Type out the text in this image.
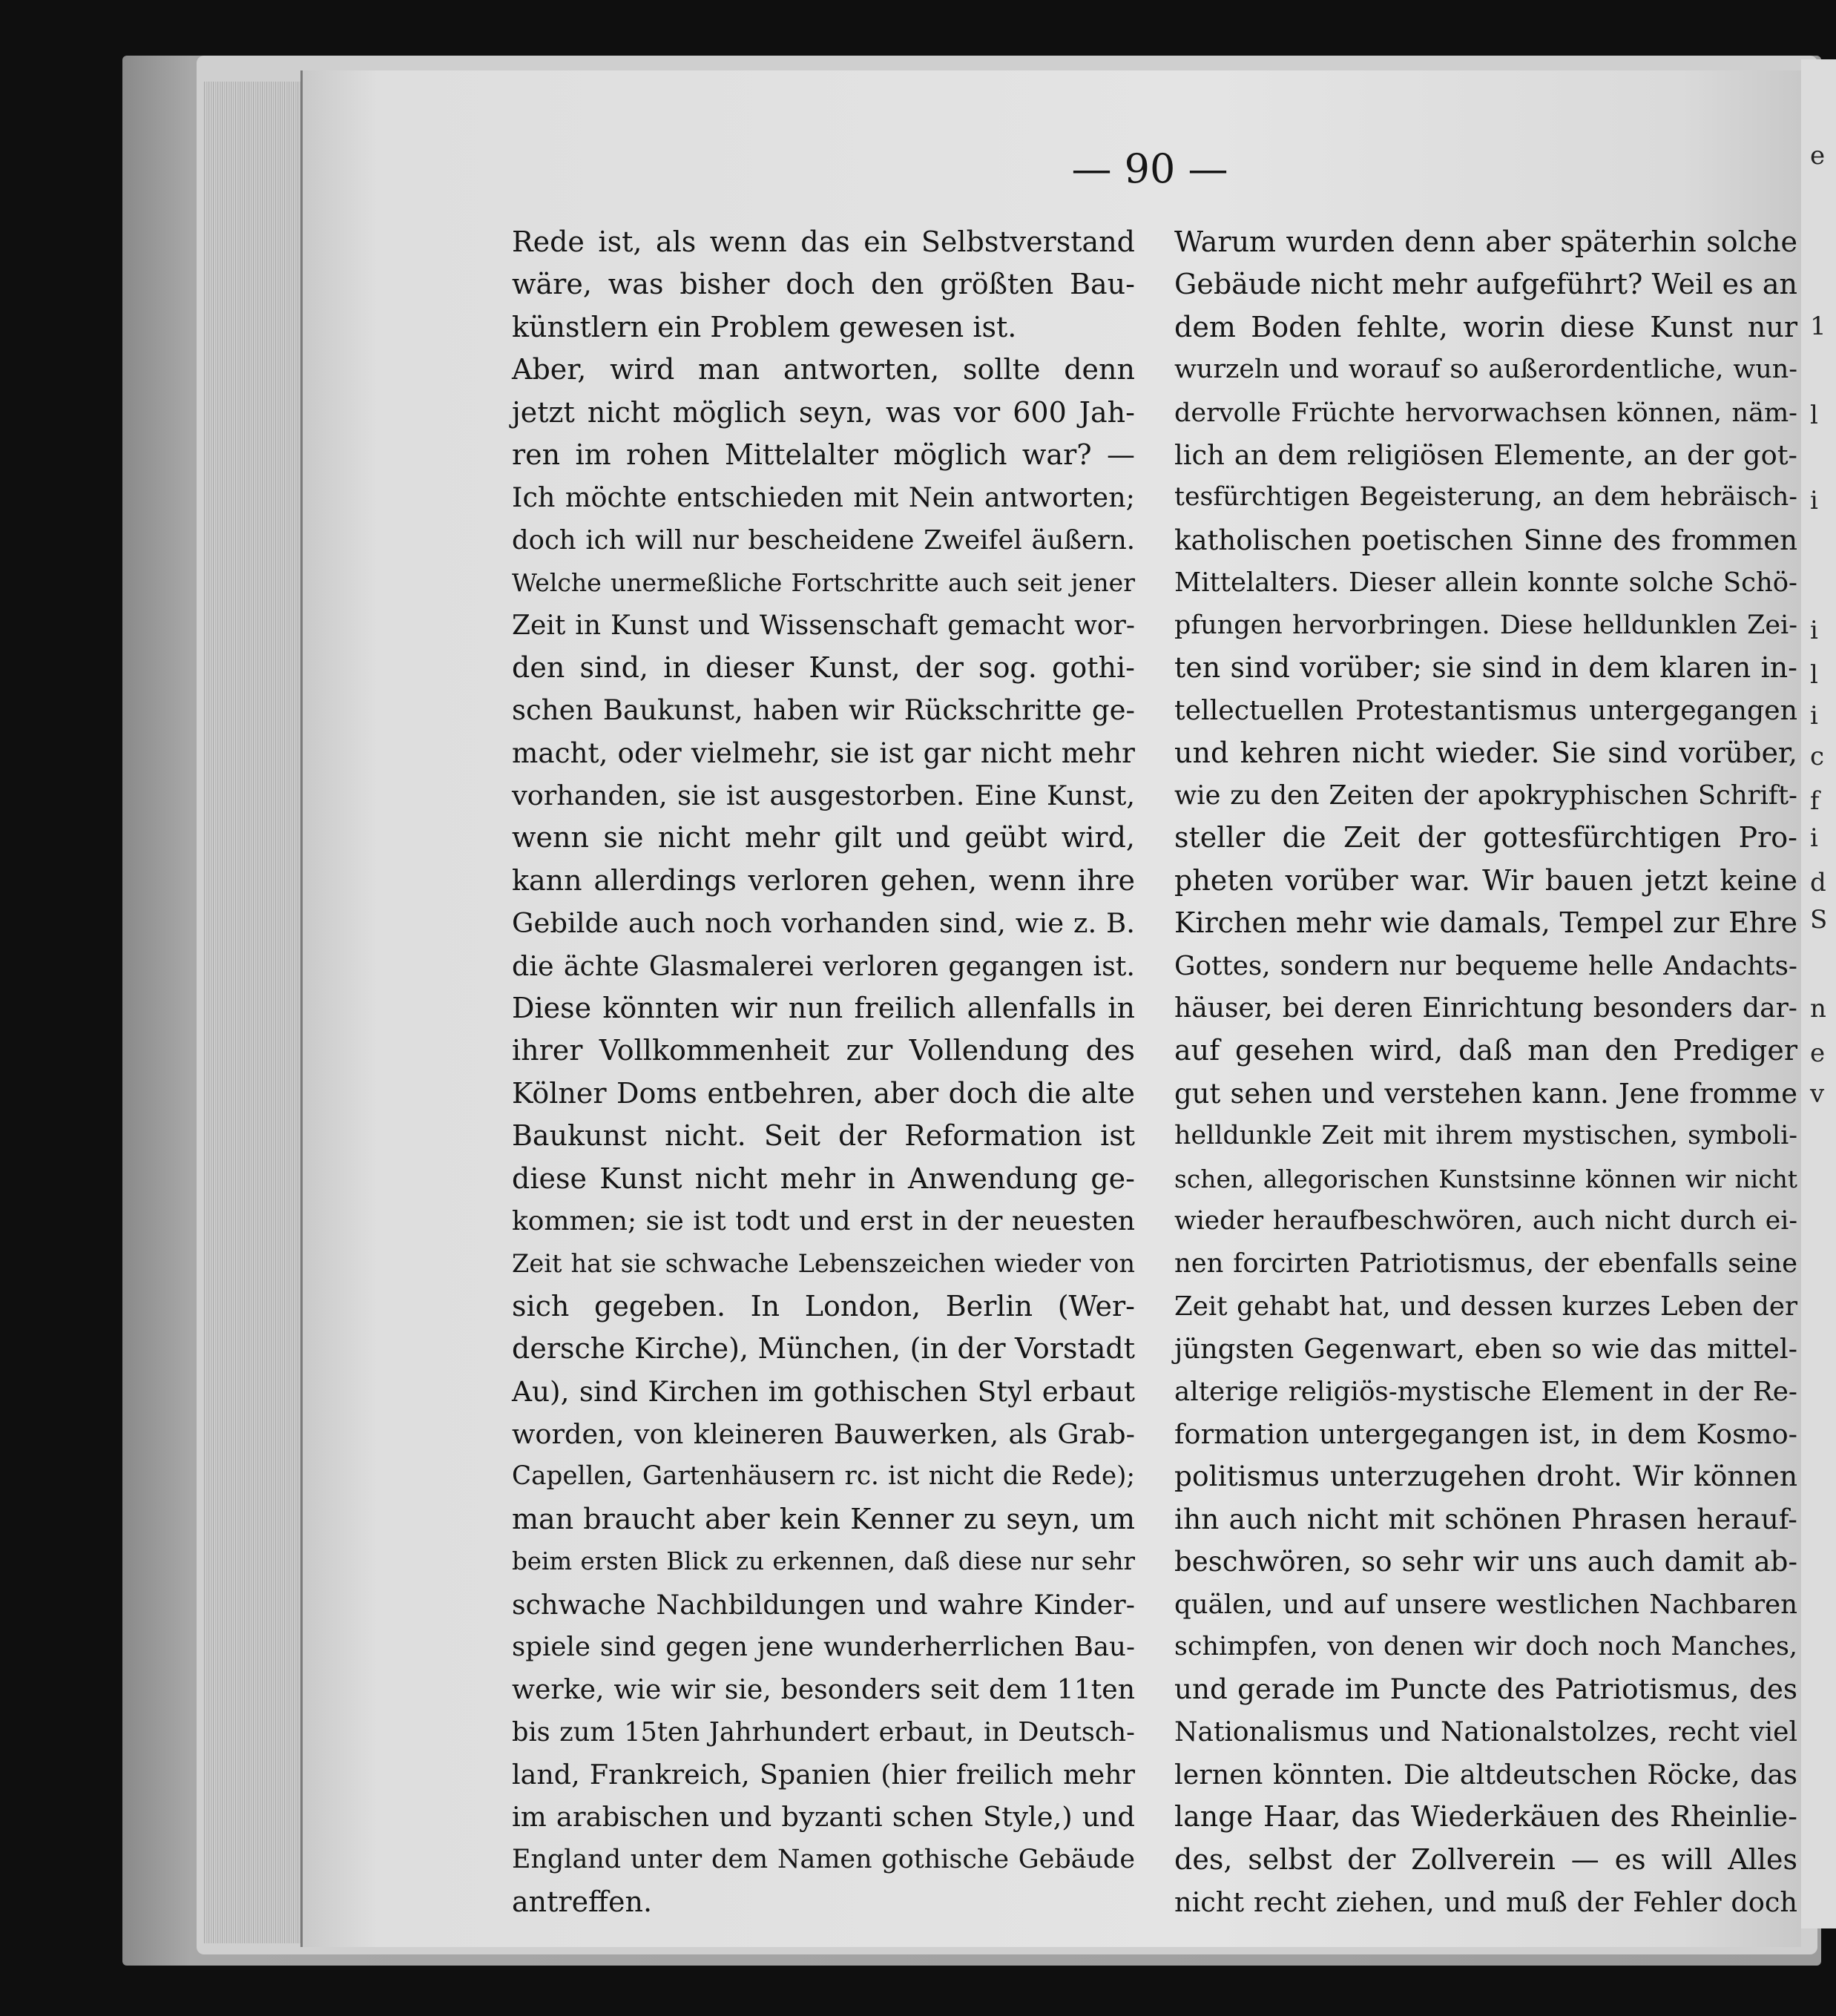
— 90 —
Rede ist, als wenn das ein Selbstverstand
wäre, was bisher doch den größten Bau-
künstlern ein Problem gewesen ist.
Aber, wird man antworten, sollte denn
jetzt nicht möglich seyn, was vor 600 Jah-
ren im rohen Mittelalter möglich war? —
Ich möchte entschieden mit Nein antworten;
doch ich will nur bescheidene Zweifel äußern.
Welche unermeßliche Fortschritte auch seit jener
Zeit in Kunst und Wissenschaft gemacht wor-
den sind, in dieser Kunst, der sog. gothi-
schen Baukunst, haben wir Rückschritte ge-
macht, oder vielmehr, sie ist gar nicht mehr
vorhanden, sie ist ausgestorben. Eine Kunst,
wenn sie nicht mehr gilt und geübt wird,
kann allerdings verloren gehen, wenn ihre
Gebilde auch noch vorhanden sind, wie z. B.
die ächte Glasmalerei verloren gegangen ist.
Diese könnten wir nun freilich allenfalls in
ihrer Vollkommenheit zur Vollendung des
Kölner Doms entbehren, aber doch die alte
Baukunst nicht. Seit der Reformation ist
diese Kunst nicht mehr in Anwendung ge-
kommen; sie ist todt und erst in der neuesten
Zeit hat sie schwache Lebenszeichen wieder von
sich gegeben. In London, Berlin (Wer-
dersche Kirche), München, (in der Vorstadt
Au), sind Kirchen im gothischen Styl erbaut
worden, von kleineren Bauwerken, als Grab-
Capellen, Gartenhäusern rc. ist nicht die Rede);
man braucht aber kein Kenner zu seyn, um
beim ersten Blick zu erkennen, daß diese nur sehr
schwache Nachbildungen und wahre Kinder-
spiele sind gegen jene wunderherrlichen Bau-
werke, wie wir sie, besonders seit dem 11ten
bis zum 15ten Jahrhundert erbaut, in Deutsch-
land, Frankreich, Spanien (hier freilich mehr
im arabischen und byzanti schen Style,) und
England unter dem Namen gothische Gebäude
antreffen.
Warum wurden denn aber späterhin solche
Gebäude nicht mehr aufgeführt? Weil es an
dem Boden fehlte, worin diese Kunst nur
wurzeln und worauf so außerordentliche, wun-
dervolle Früchte hervorwachsen können, näm-
lich an dem religiösen Elemente, an der got-
tesfürchtigen Begeisterung, an dem hebräisch-
katholischen poetischen Sinne des frommen
Mittelalters. Dieser allein konnte solche Schö-
pfungen hervorbringen. Diese helldunklen Zei-
ten sind vorüber; sie sind in dem klaren in-
tellectuellen Protestantismus untergegangen
und kehren nicht wieder. Sie sind vorüber,
wie zu den Zeiten der apokryphischen Schrift-
steller die Zeit der gottesfürchtigen Pro-
pheten vorüber war. Wir bauen jetzt keine
Kirchen mehr wie damals, Tempel zur Ehre
Gottes, sondern nur bequeme helle Andachts-
häuser, bei deren Einrichtung besonders dar-
auf gesehen wird, daß man den Prediger
gut sehen und verstehen kann. Jene fromme
helldunkle Zeit mit ihrem mystischen, symboli-
schen, allegorischen Kunstsinne können wir nicht
wieder heraufbeschwören, auch nicht durch ei-
nen forcirten Patriotismus, der ebenfalls seine
Zeit gehabt hat, und dessen kurzes Leben der
jüngsten Gegenwart, eben so wie das mittel-
alterige religiös-mystische Element in der Re-
formation untergegangen ist, in dem Kosmo-
politismus unterzugehen droht. Wir können
ihn auch nicht mit schönen Phrasen herauf-
beschwören, so sehr wir uns auch damit ab-
quälen, und auf unsere westlichen Nachbaren
schimpfen, von denen wir doch noch Manches,
und gerade im Puncte des Patriotismus, des
Nationalismus und Nationalstolzes, recht viel
lernen könnten. Die altdeutschen Röcke, das
lange Haar, das Wiederkäuen des Rheinlie-
des, selbst der Zollverein — es will Alles
nicht recht ziehen, und muß der Fehler doch
e
1
l
i
i
l
i
c
f
i
d
S
n
e
v
